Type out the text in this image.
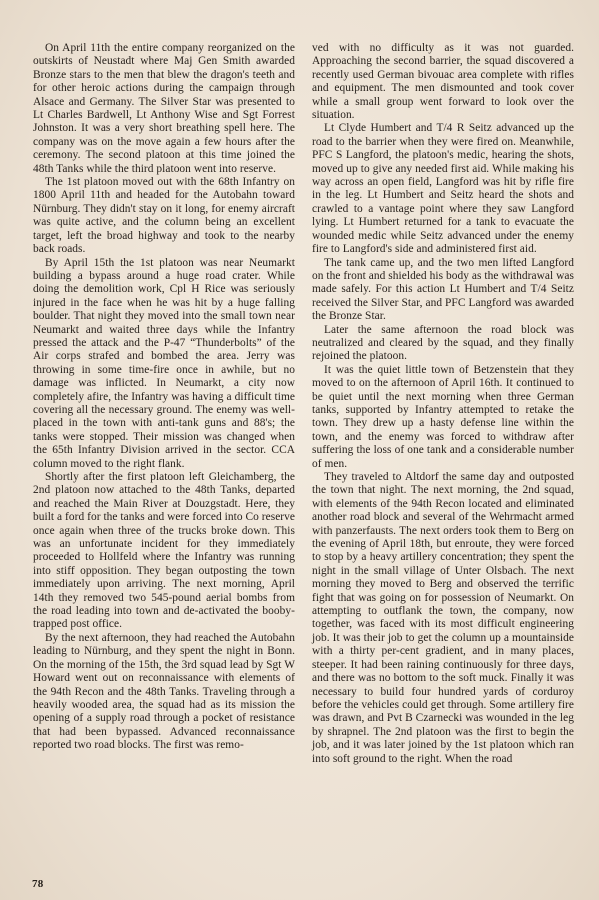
On April 11th the entire company reorganized on the outskirts of Neustadt where Maj Gen Smith awarded Bronze stars to the men that blew the dragon's teeth and for other heroic actions during the campaign through Alsace and Germany. The Silver Star was presented to Lt Charles Bardwell, Lt Anthony Wise and Sgt Forrest Johnston. It was a very short breathing spell here. The company was on the move again a few hours after the ceremony. The second platoon at this time joined the 48th Tanks while the third platoon went into reserve.

The 1st platoon moved out with the 68th Infantry on 1800 April 11th and headed for the Autobahn toward Nürnburg. They didn't stay on it long, for enemy aircraft was quite active, and the column being an excellent target, left the broad highway and took to the nearby back roads.

By April 15th the 1st platoon was near Neumarkt building a bypass around a huge road crater. While doing the demolition work, Cpl H Rice was seriously injured in the face when he was hit by a huge falling boulder. That night they moved into the small town near Neumarkt and waited three days while the Infantry pressed the attack and the P-47 “Thunderbolts” of the Air corps strafed and bombed the area. Jerry was throwing in some time-fire once in awhile, but no damage was inflicted. In Neumarkt, a city now completely afire, the Infantry was having a difficult time covering all the necessary ground. The enemy was well-placed in the town with anti-tank guns and 88's; the tanks were stopped. Their mission was changed when the 65th Infantry Division arrived in the sector. CCA column moved to the right flank.

Shortly after the first platoon left Gleichamberg, the 2nd platoon now attached to the 48th Tanks, departed and reached the Main River at Douzgstadt. Here, they built a ford for the tanks and were forced into Co reserve once again when three of the trucks broke down. This was an unfortunate incident for they immediately proceeded to Hollfeld where the Infantry was running into stiff opposition. They began outposting the town immediately upon arriving. The next morning, April 14th they removed two 545-pound aerial bombs from the road leading into town and de-activated the booby-trapped post office.

By the next afternoon, they had reached the Autobahn leading to Nürnburg, and they spent the night in Bonn. On the morning of the 15th, the 3rd squad lead by Sgt W Howard went out on reconnaissance with elements of the 94th Recon and the 48th Tanks. Traveling through a heavily wooded area, the squad had as its mission the opening of a supply road through a pocket of resistance that had been bypassed. Advanced reconnaissance reported two road blocks. The first was remo-

ved with no difficulty as it was not guarded. Approaching the second barrier, the squad discovered a recently used German bivouac area complete with rifles and equipment. The men dismounted and took cover while a small group went forward to look over the situation.

Lt Clyde Humbert and T/4 R Seitz advanced up the road to the barrier when they were fired on. Meanwhile, PFC S Langford, the platoon's medic, hearing the shots, moved up to give any needed first aid. While making his way across an open field, Langford was hit by rifle fire in the leg. Lt Humbert and Seitz heard the shots and crawled to a vantage point where they saw Langford lying. Lt Humbert returned for a tank to evacuate the wounded medic while Seitz advanced under the enemy fire to Langford's side and administered first aid.

The tank came up, and the two men lifted Langford on the front and shielded his body as the withdrawal was made safely. For this action Lt Humbert and T/4 Seitz received the Silver Star, and PFC Langford was awarded the Bronze Star.

Later the same afternoon the road block was neutralized and cleared by the squad, and they finally rejoined the platoon.

It was the quiet little town of Betzenstein that they moved to on the afternoon of April 16th. It continued to be quiet until the next morning when three German tanks, supported by Infantry attempted to retake the town. They drew up a hasty defense line within the town, and the enemy was forced to withdraw after suffering the loss of one tank and a considerable number of men.

They traveled to Altdorf the same day and outposted the town that night. The next morning, the 2nd squad, with elements of the 94th Recon located and eliminated another road block and several of the Wehrmacht armed with panzerfausts. The next orders took them to Berg on the evening of April 18th, but enroute, they were forced to stop by a heavy artillery concentration; they spent the night in the small village of Unter Olsbach. The next morning they moved to Berg and observed the terrific fight that was going on for possession of Neumarkt. On attempting to outflank the town, the company, now together, was faced with its most difficult engineering job. It was their job to get the column up a mountainside with a thirty per-cent gradient, and in many places, steeper. It had been raining continuously for three days, and there was no bottom to the soft muck. Finally it was necessary to build four hundred yards of corduroy before the vehicles could get through. Some artillery fire was drawn, and Pvt B Czarnecki was wounded in the leg by shrapnel. The 2nd platoon was the first to begin the job, and it was later joined by the 1st platoon which ran into soft ground to the right. When the road

78
